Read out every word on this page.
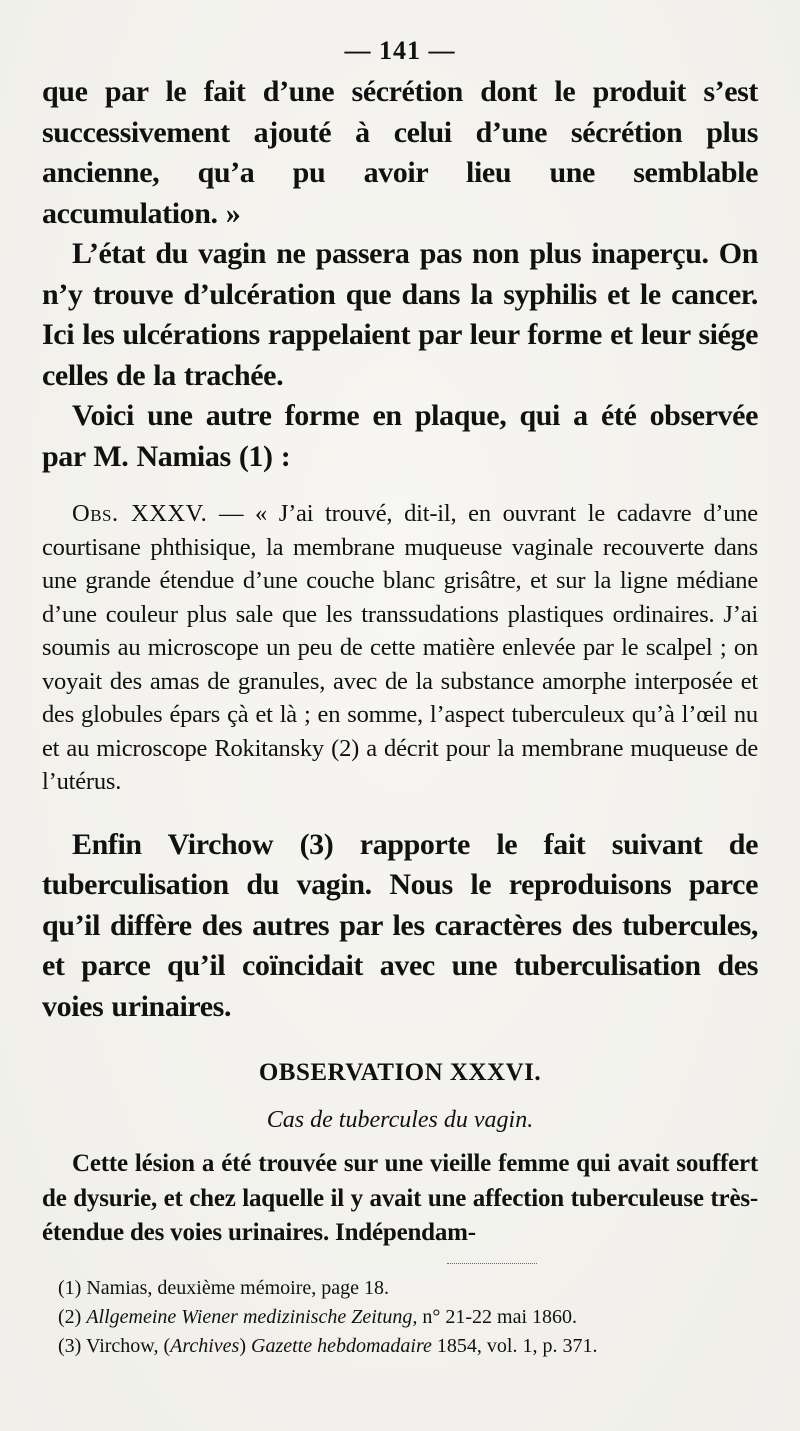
— 141 —

que par le fait d’une sécrétion dont le produit s’est successivement ajouté à celui d’une sécrétion plus ancienne, qu’a pu avoir lieu une semblable accumulation. »

L’état du vagin ne passera pas non plus inaperçu. On n’y trouve d’ulcération que dans la syphilis et le cancer. Ici les ulcérations rappelaient par leur forme et leur siége celles de la trachée.

Voici une autre forme en plaque, qui a été observée par M. Namias (1) :

Obs. XXXV. — « J’ai trouvé, dit-il, en ouvrant le cadavre d’une courtisane phthisique, la membrane muqueuse vaginale recouverte dans une grande étendue d’une couche blanc grisâtre, et sur la ligne médiane d’une couleur plus sale que les transsudations plastiques ordinaires. J’ai soumis au microscope un peu de cette matière enlevée par le scalpel ; on voyait des amas de granules, avec de la substance amorphe interposée et des globules épars çà et là ; en somme, l’aspect tuberculeux qu’à l’œil nu et au microscope Rokitansky (2) a décrit pour la membrane muqueuse de l’utérus.

Enfin Virchow (3) rapporte le fait suivant de tuberculisation du vagin. Nous le reproduisons parce qu’il diffère des autres par les caractères des tubercules, et parce qu’il coïncidait avec une tuberculisation des voies urinaires.

OBSERVATION XXXVI.
Cas de tubercules du vagin.

Cette lésion a été trouvée sur une vieille femme qui avait souffert de dysurie, et chez laquelle il y avait une affection tuberculeuse très-étendue des voies urinaires. Indépendam-

(1) Namias, deuxième mémoire, page 18.
(2) Allgemeine Wiener medizinische Zeitung, n° 21-22 mai 1860.
(3) Virchow, (Archives) Gazette hebdomadaire 1854, vol. 1, p. 371.
